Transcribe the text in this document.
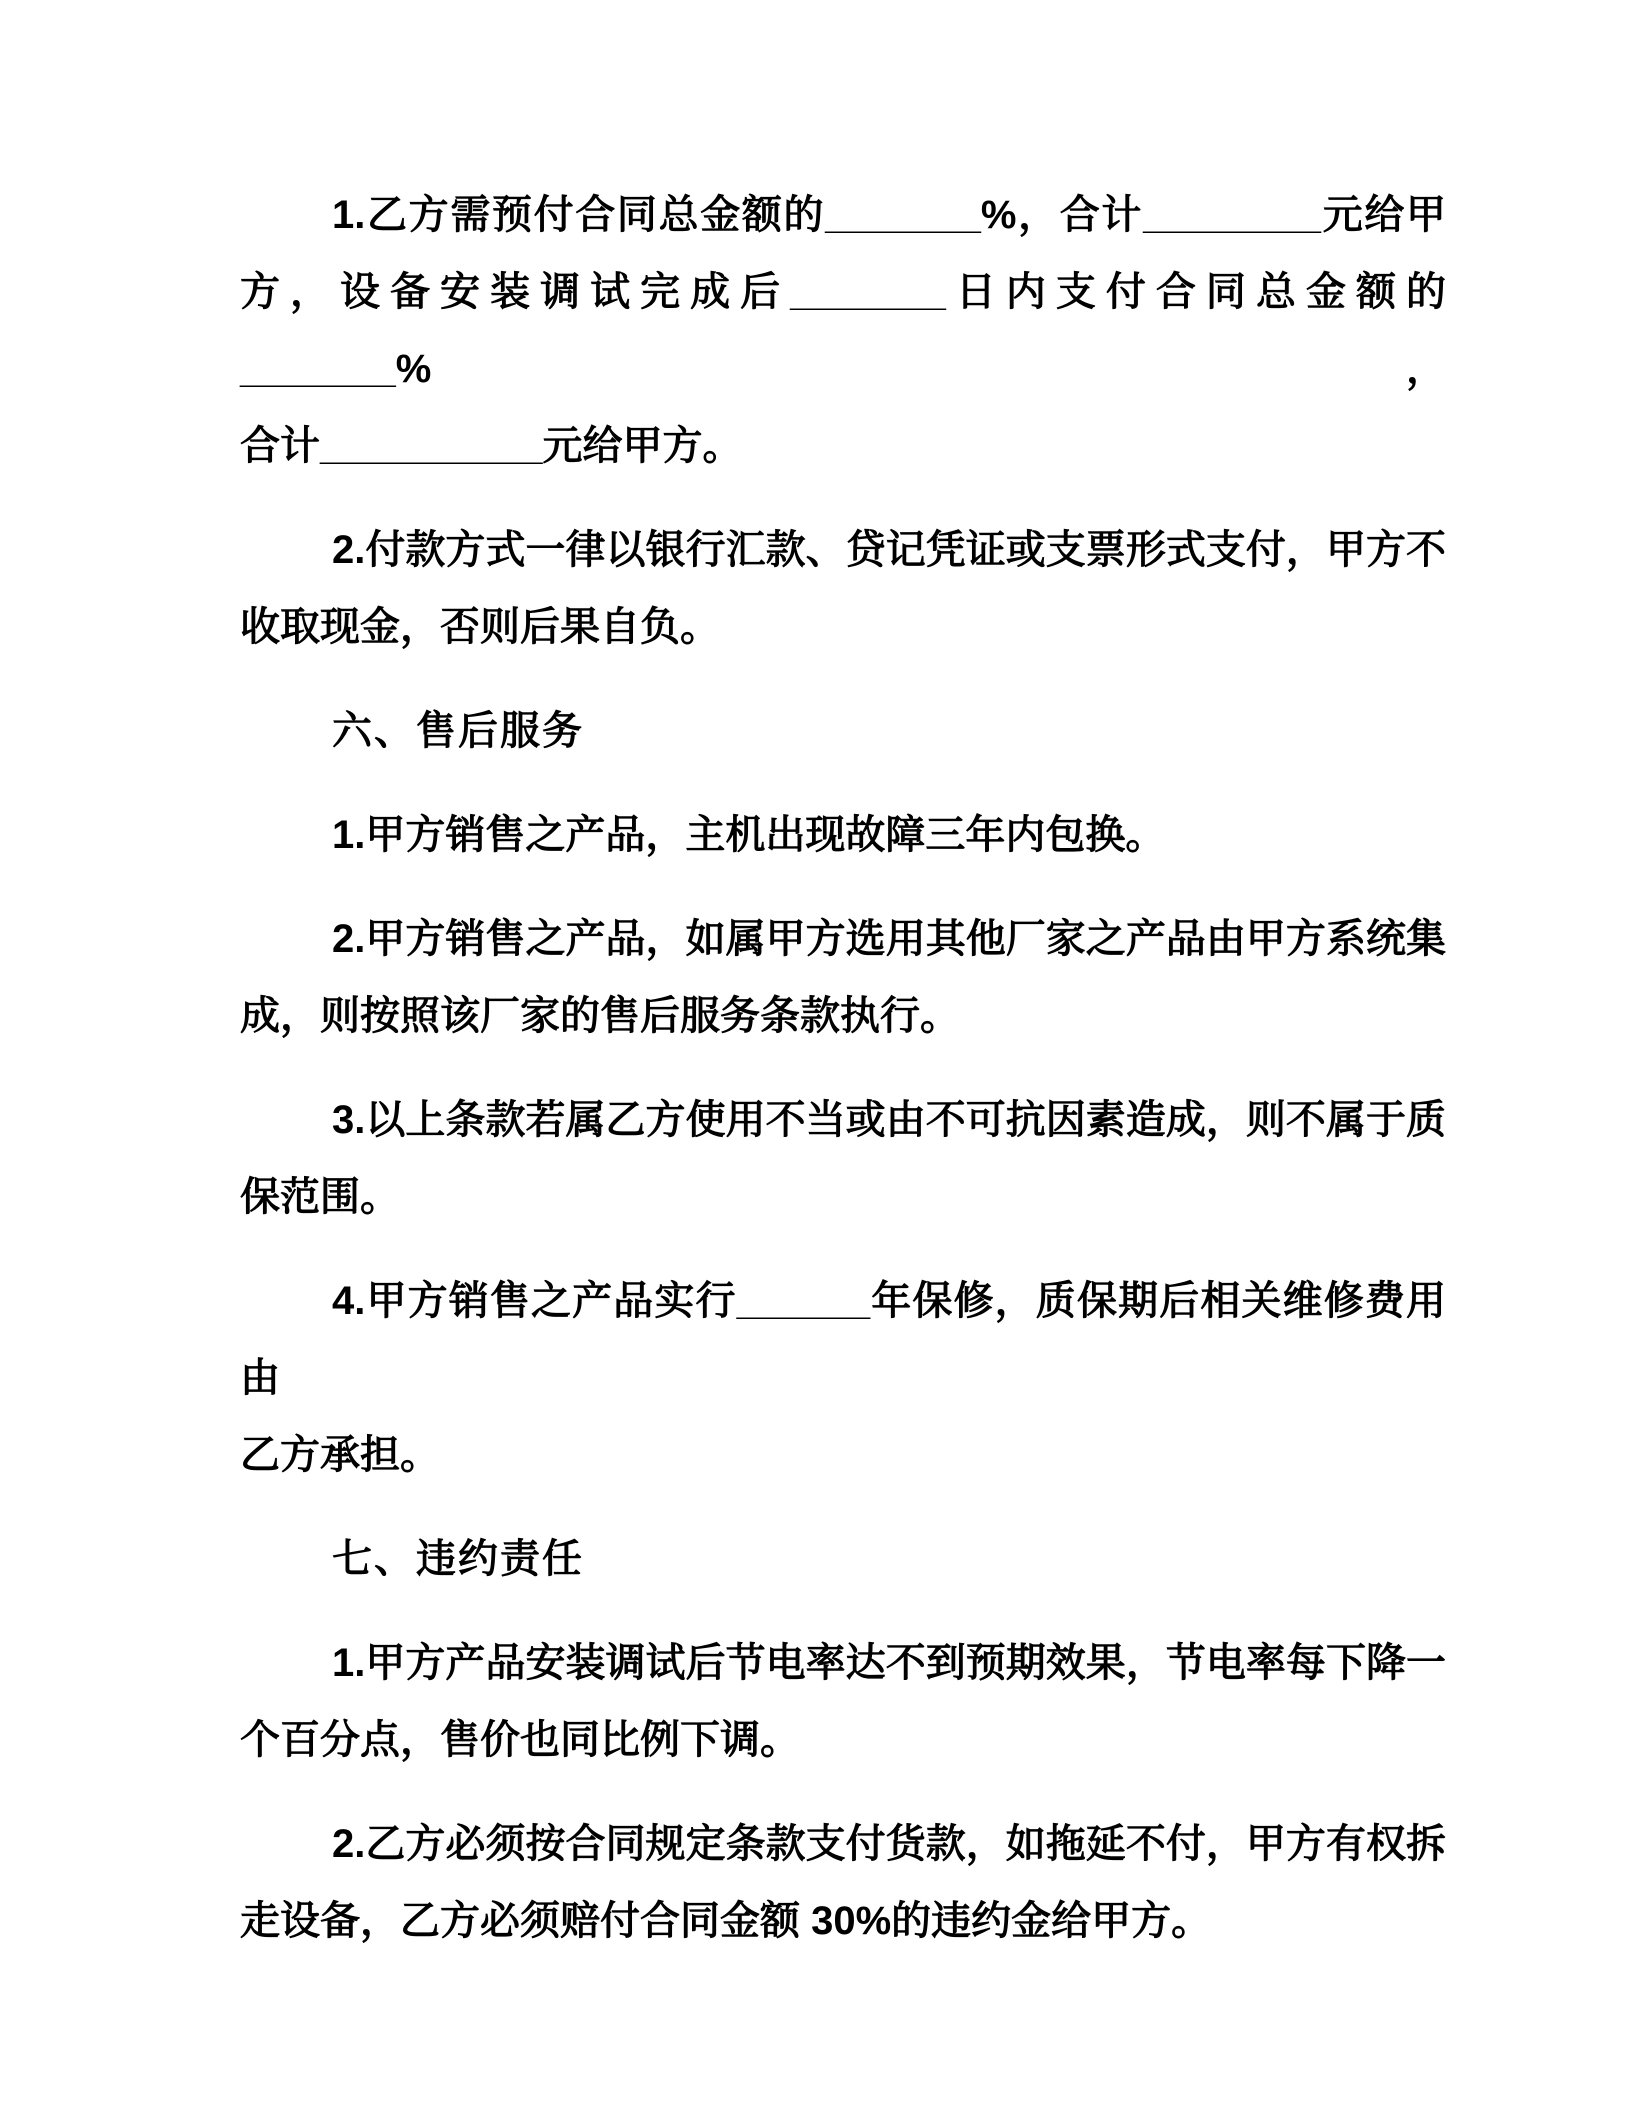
1.乙方需预付合同总金额的_______%，合计________元给甲
方，设备安装调试完成后_______日内支付合同总金额的_______%，
合计__________元给甲方。
2.付款方式一律以银行汇款、贷记凭证或支票形式支付，甲方不
收取现金，否则后果自负。
六、售后服务
1.甲方销售之产品，主机出现故障三年内包换。
2.甲方销售之产品，如属甲方选用其他厂家之产品由甲方系统集
成，则按照该厂家的售后服务条款执行。
3.以上条款若属乙方使用不当或由不可抗因素造成，则不属于质
保范围。
4.甲方销售之产品实行______年保修，质保期后相关维修费用由
乙方承担。
七、违约责任
1.甲方产品安装调试后节电率达不到预期效果，节电率每下降一
个百分点，售价也同比例下调。
2.乙方必须按合同规定条款支付货款，如拖延不付，甲方有权拆
走设备，乙方必须赔付合同金额 30%的违约金给甲方。
